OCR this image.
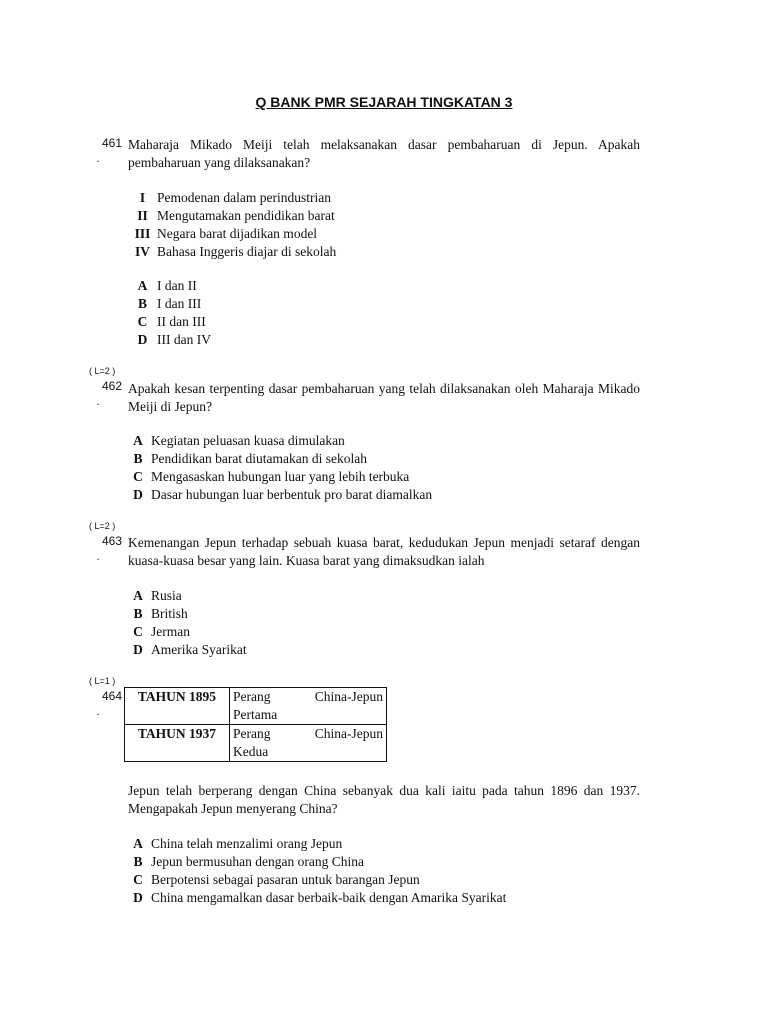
Q BANK PMR SEJARAH TINGKATAN 3
461
.
Maharaja Mikado Meiji telah melaksanakan dasar pembaharuan di Jepun. Apakah pembaharuan yang dilaksanakan?
I Pemodenan dalam perindustrian
II Mengutamakan pendidikan barat
III Negara barat dijadikan model
IV Bahasa Inggeris diajar di sekolah
A I dan II
B I dan III
C II dan III
D III dan IV
( L=2 )
462
.
Apakah kesan terpenting dasar pembaharuan yang telah dilaksanakan oleh Maharaja Mikado Meiji di Jepun?
A Kegiatan peluasan kuasa dimulakan
B Pendidikan barat diutamakan di sekolah
C Mengasaskan hubungan luar yang lebih terbuka
D Dasar hubungan luar berbentuk pro barat diamalkan
( L=2 )
463
.
Kemenangan Jepun terhadap sebuah kuasa barat, kedudukan Jepun menjadi setaraf dengan kuasa-kuasa besar yang lain. Kuasa barat yang dimaksudkan ialah
A Rusia
B British
C Jerman
D Amerika Syarikat
( L=1 )
464
.
TAHUN 1895	Perang China-Jepun
Pertama

TAHUN 1937	Perang China-Jepun
Kedua
Jepun telah berperang dengan China sebanyak dua kali iaitu pada tahun 1896 dan 1937. Mengapakah Jepun menyerang China?
A China telah menzalimi orang Jepun
B Jepun bermusuhan dengan orang China
C Berpotensi sebagai pasaran untuk barangan Jepun
D China mengamalkan dasar berbaik-baik dengan Amarika Syarikat
